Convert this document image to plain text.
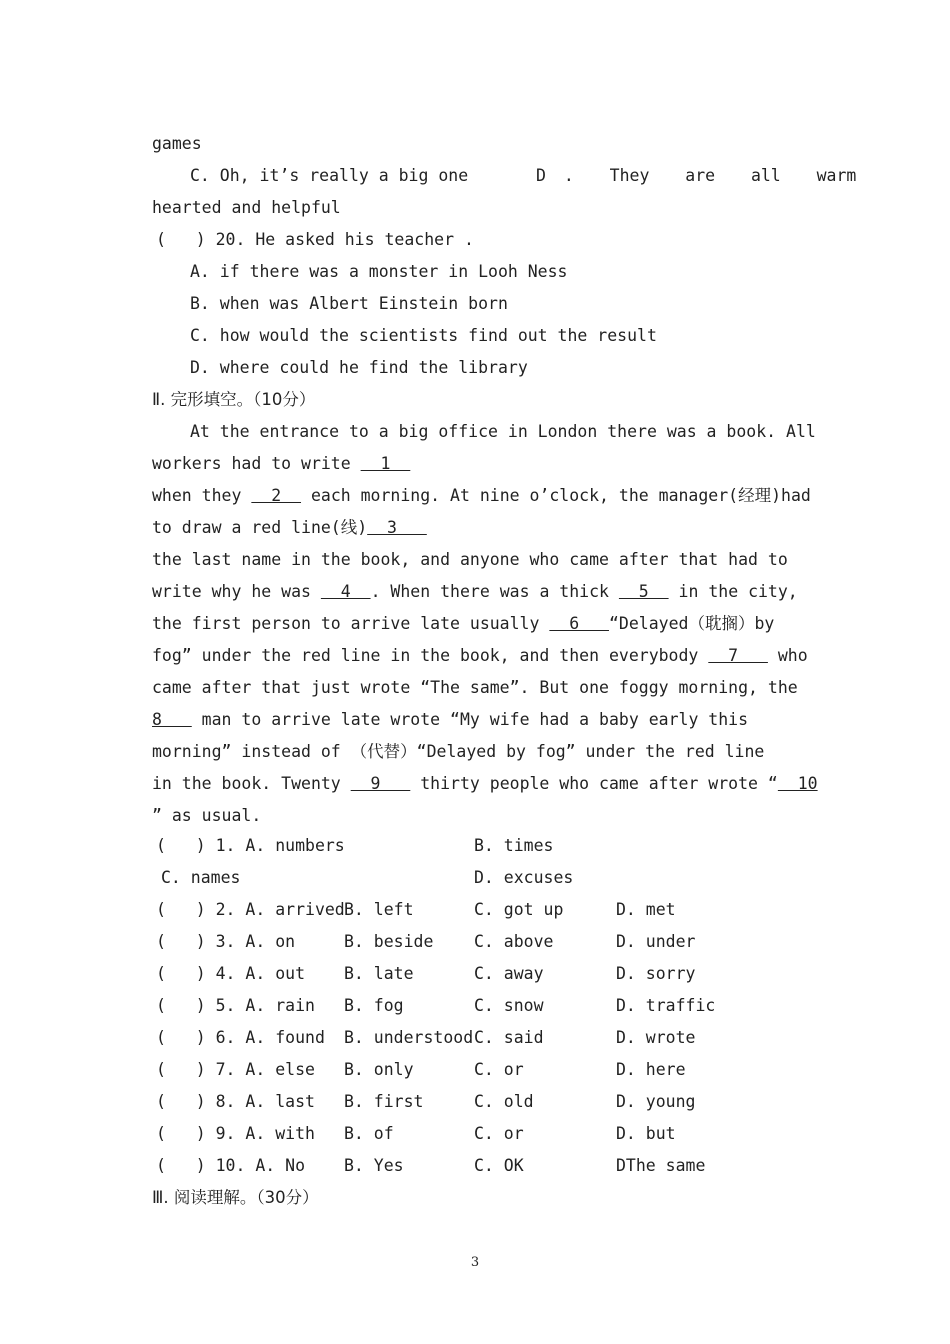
games
C. Oh, it’s really a big one	D .  They  are  all  warm
hearted and helpful
(   ) 20. He asked his teacher .
A. if there was a monster in Looh Ness
B. when was Albert Einstein born
C. how would the scientists find out the result
D. where could he find the library
Ⅱ. 完形填空。（10分）
At the entrance to a big office in London there was a book. All
workers had to write   1
when they   2   each morning. At nine o’clock, the manager(经理)had
to draw a red line(线)  3
the last name in the book, and anyone who came after that had to
write why he was   4  . When there was a thick   5   in the city,
the first person to arrive late usually   6   “Delayed（耽搁）by
fog” under the red line in the book, and then everybody   7    who
came after that just wrote “The same”. But one foggy morning, the
8    man to arrive late wrote “My wife had a baby early this
morning” instead of （代替）“Delayed by fog” under the red line
in the book. Twenty   9    thirty people who came after wrote “  10
” as usual.
(   ) 1. A. numbers	B. times
C. names	D. excuses
(   ) 2. A. arrived B. left	C. got up	D. met
(   ) 3. A. on	B. beside C. above	D. under
(   ) 4. A. out B. late	C. away	D. sorry
(   ) 5. A. rain B. fog	C. snow	D. traffic
(   ) 6. A. found B. understood C. said	D. wrote
(   ) 7. A. else B. only	C. or	D. here
(   ) 8. A. last B. first	C. old	D. young
(   ) 9. A. with B. of	C. or	D. but
(   ) 10. A. No B. Yes	C. OK	DThe same
Ⅲ. 阅读理解。（30分）
3
